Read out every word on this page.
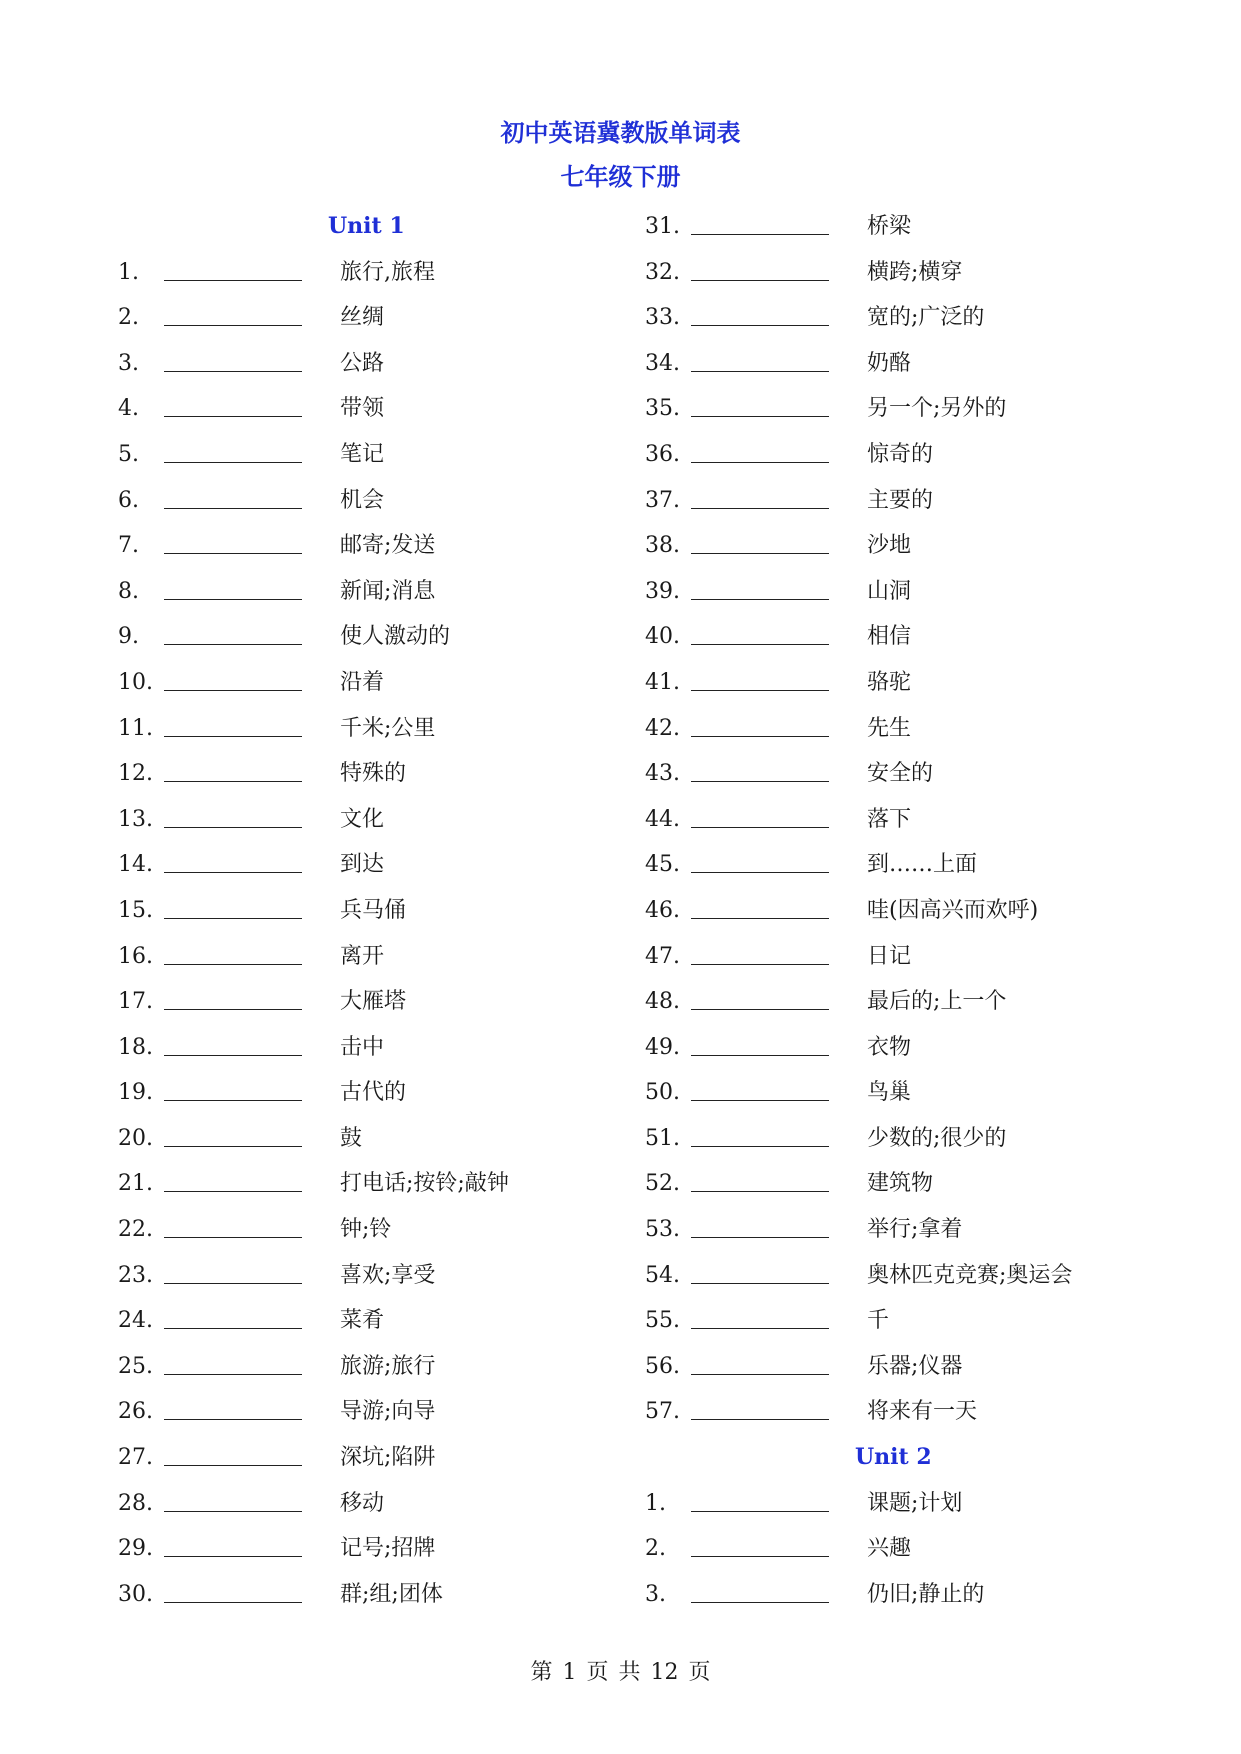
初中英语冀教版单词表
七年级下册
Unit 1
1.	旅行,旅程
2.	丝绸
3.	公路
4.	带领
5.	笔记
6.	机会
7.	邮寄;发送
8.	新闻;消息
9.	使人激动的
10.	沿着
11.	千米;公里
12.	特殊的
13.	文化
14.	到达
15.	兵马俑
16.	离开
17.	大雁塔
18.	击中
19.	古代的
20.	鼓
21.	打电话;按铃;敲钟
22.	钟;铃
23.	喜欢;享受
24.	菜肴
25.	旅游;旅行
26.	导游;向导
27.	深坑;陷阱
28.	移动
29.	记号;招牌
30.	群;组;团体
31.	桥梁
32.	横跨;横穿
33.	宽的;广泛的
34.	奶酪
35.	另一个;另外的
36.	惊奇的
37.	主要的
38.	沙地
39.	山洞
40.	相信
41.	骆驼
42.	先生
43.	安全的
44.	落下
45.	到……上面
46.	哇(因高兴而欢呼)
47.	日记
48.	最后的;上一个
49.	衣物
50.	鸟巢
51.	少数的;很少的
52.	建筑物
53.	举行;拿着
54.	奥林匹克竞赛;奥运会
55.	千
56.	乐器;仪器
57.	将来有一天
Unit 2
1.	课题;计划
2.	兴趣
3.	仍旧;静止的
第 1 页 共 12 页
